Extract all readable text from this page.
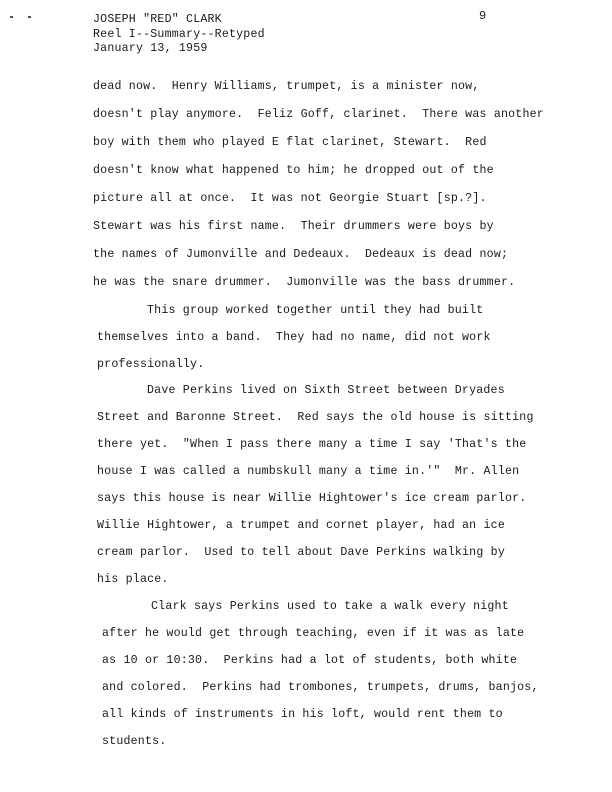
JOSEPH "RED" CLARK
Reel I--Summary--Retyped
January 13, 1959
9
dead now.  Henry Williams, trumpet, is a minister now,
doesn't play anymore.  Feliz Goff, clarinet.  There was another
boy with them who played E flat clarinet, Stewart.  Red
doesn't know what happened to him; he dropped out of the
picture all at once.  It was not Georgie Stuart [sp.?].
Stewart was his first name.  Their drummers were boys by
the names of Jumonville and Dedeaux.  Dedeaux is dead now;
he was the snare drummer.  Jumonville was the bass drummer.
This group worked together until they had built
themselves into a band.  They had no name, did not work
professionally.
Dave Perkins lived on Sixth Street between Dryades
Street and Baronne Street.  Red says the old house is sitting
there yet.  "When I pass there many a time I say 'That's the
house I was called a numbskull many a time in.'"  Mr. Allen
says this house is near Willie Hightower's ice cream parlor.
Willie Hightower, a trumpet and cornet player, had an ice
cream parlor.  Used to tell about Dave Perkins walking by
his place.
Clark says Perkins used to take a walk every night
after he would get through teaching, even if it was as late
as 10 or 10:30.  Perkins had a lot of students, both white
and colored.  Perkins had trombones, trumpets, drums, banjos,
all kinds of instruments in his loft, would rent them to
students.
